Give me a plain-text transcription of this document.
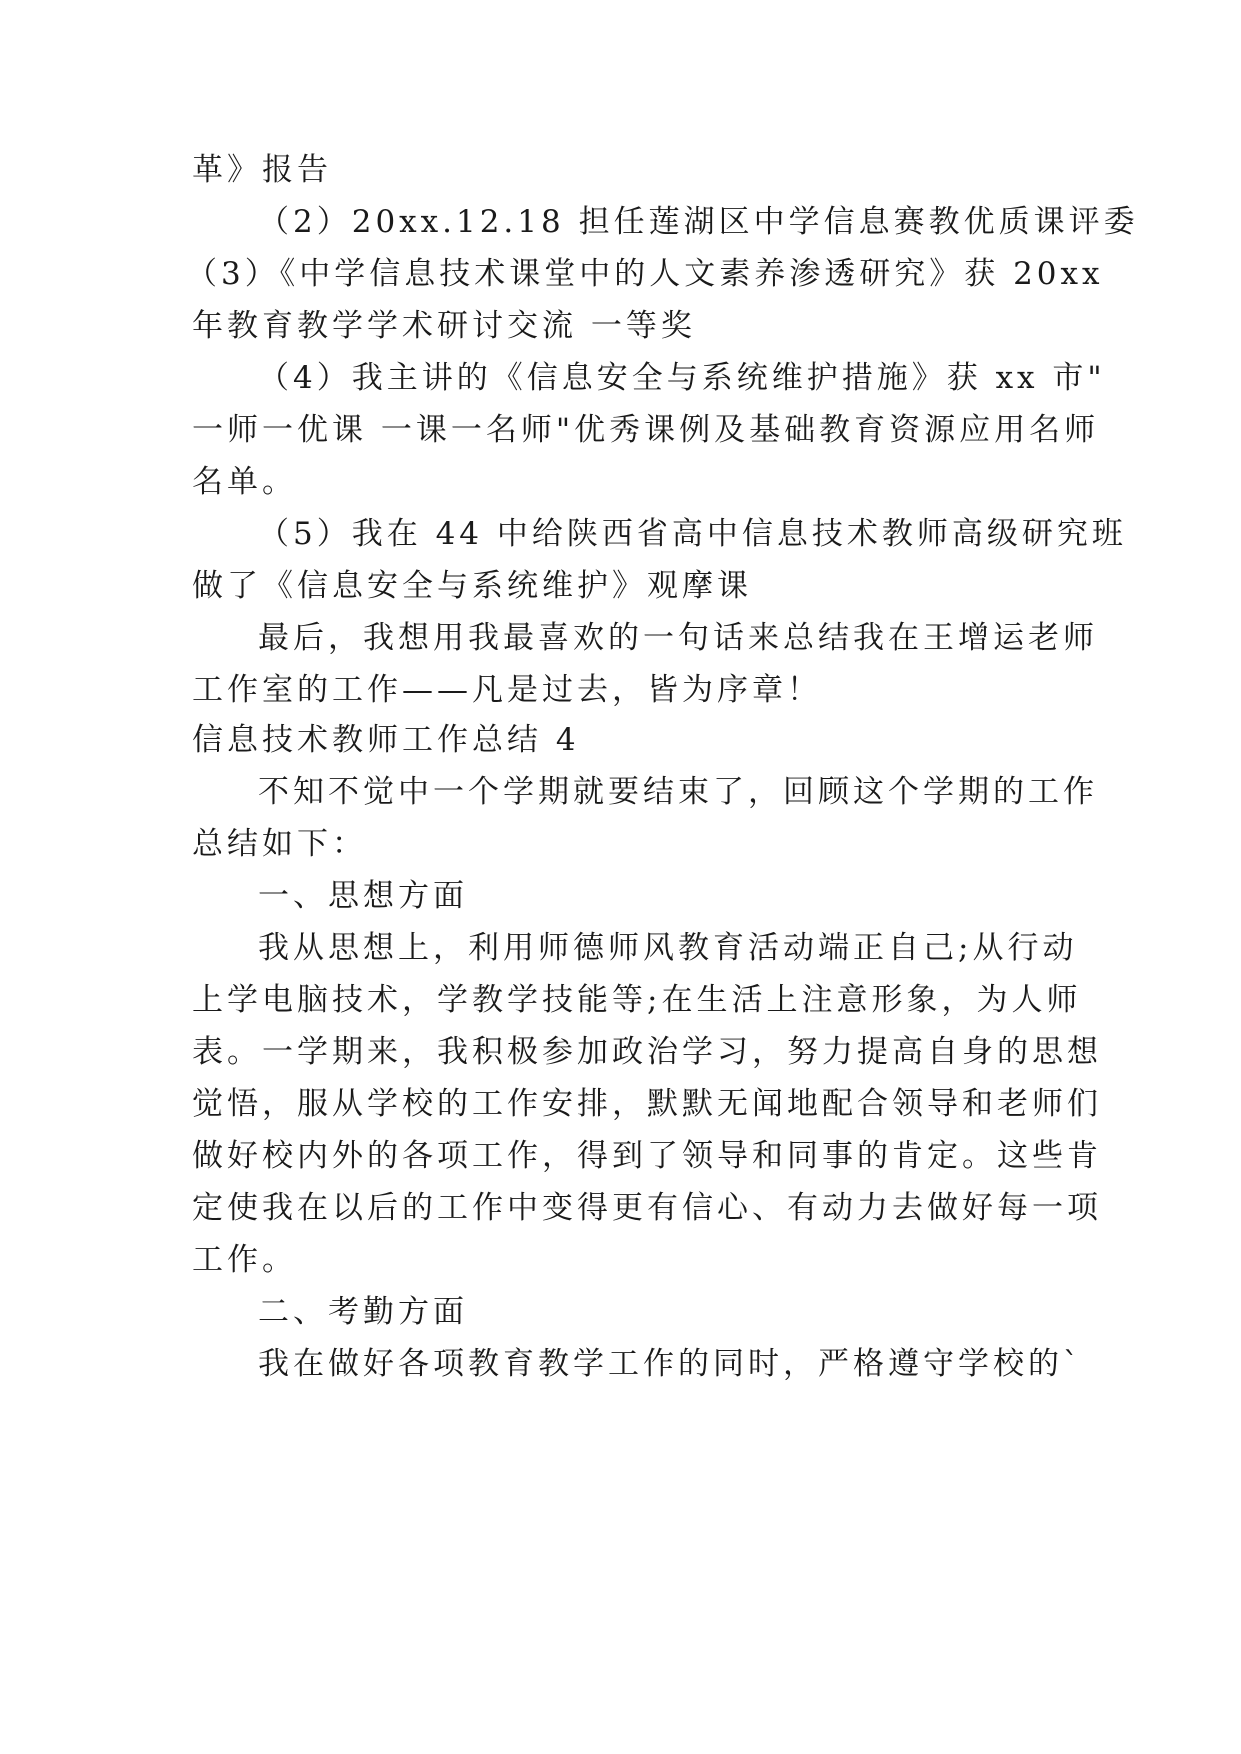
革》报告
（2）20xx.12.18 担任莲湖区中学信息赛教优质课评委
（3）《中学信息技术课堂中的人文素养渗透研究》获 20xx
年教育教学学术研讨交流 一等奖
（4）我主讲的《信息安全与系统维护措施》获 xx 市"
一师一优课 一课一名师"优秀课例及基础教育资源应用名师
名单。
（5）我在 44 中给陕西省高中信息技术教师高级研究班
做了《信息安全与系统维护》观摩课
最后，我想用我最喜欢的一句话来总结我在王增运老师
工作室的工作——凡是过去，皆为序章！
信息技术教师工作总结 4
不知不觉中一个学期就要结束了，回顾这个学期的工作
总结如下：
一、思想方面
我从思想上，利用师德师风教育活动端正自己;从行动
上学电脑技术，学教学技能等;在生活上注意形象，为人师
表。一学期来，我积极参加政治学习，努力提高自身的思想
觉悟，服从学校的工作安排，默默无闻地配合领导和老师们
做好校内外的各项工作，得到了领导和同事的肯定。这些肯
定使我在以后的工作中变得更有信心、有动力去做好每一项
工作。
二、考勤方面
我在做好各项教育教学工作的同时，严格遵守学校的`
